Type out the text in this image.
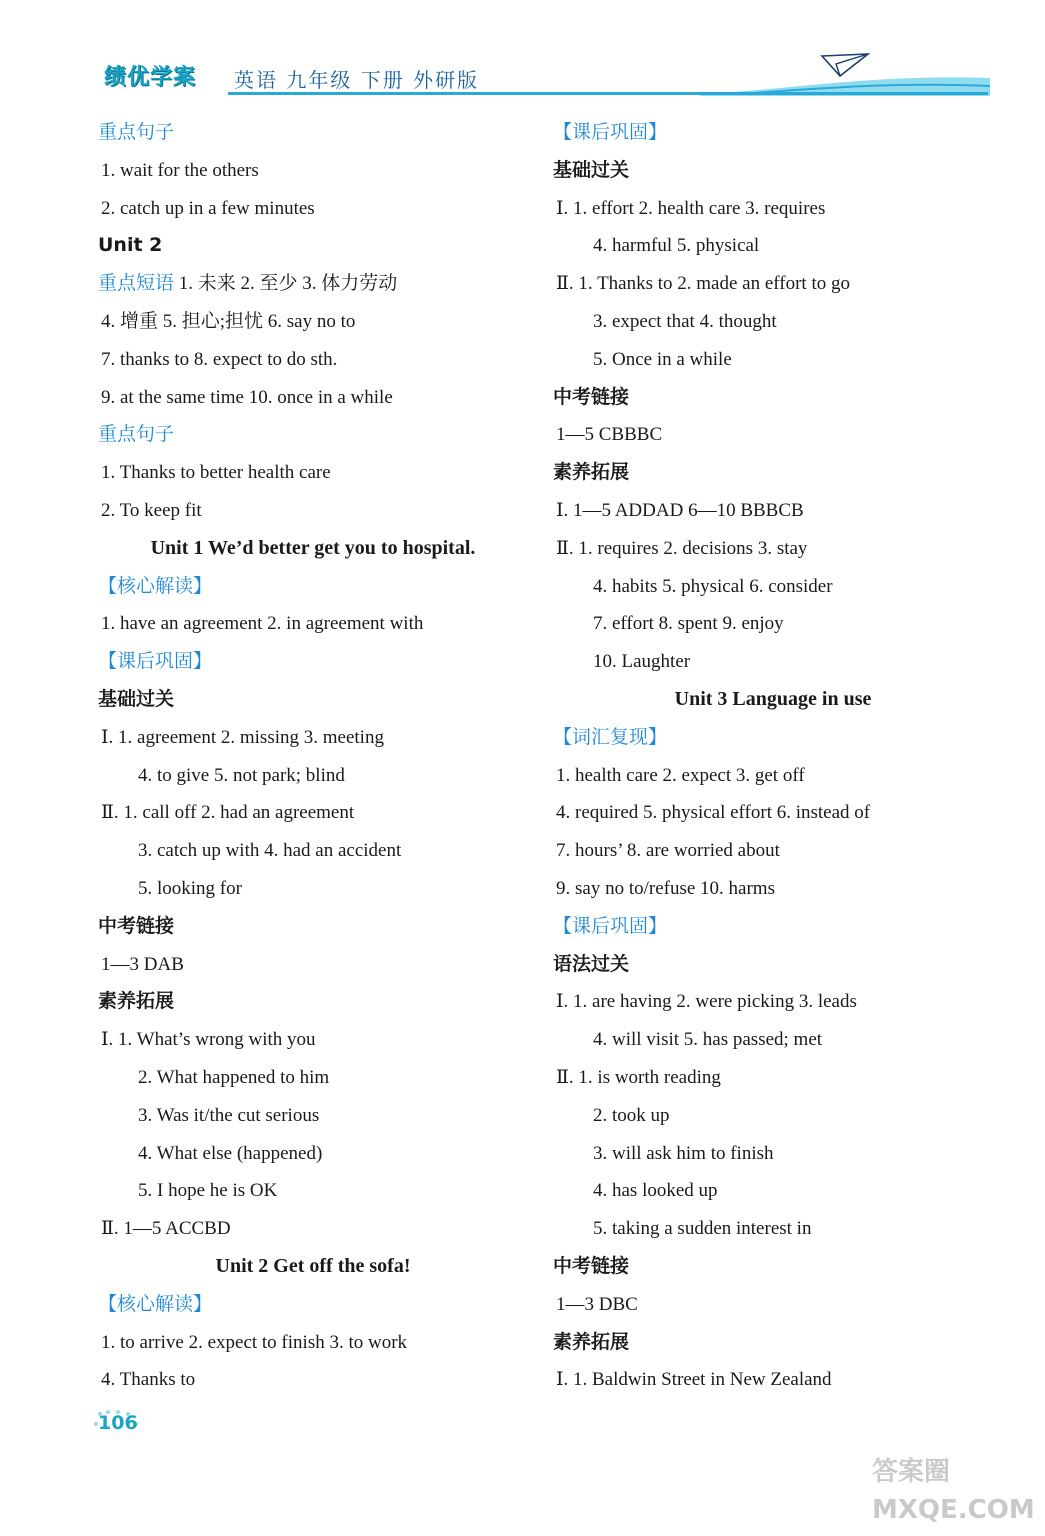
绩优学案 英语 九年级 下册 外研版
重点句子
1. wait for the others
2. catch up in a few minutes
Unit 2
重点短语 1. 未来 2. 至少 3. 体力劳动
4. 增重 5. 担心;担忧 6. say no to
7. thanks to 8. expect to do sth.
9. at the same time 10. once in a while
重点句子
1. Thanks to better health care
2. To keep fit
Unit 1 We’d better get you to hospital.
【核心解读】
1. have an agreement 2. in agreement with
【课后巩固】
基础过关
Ⅰ. 1. agreement 2. missing 3. meeting
4. to give 5. not park; blind
Ⅱ. 1. call off 2. had an agreement
3. catch up with 4. had an accident
5. looking for
中考链接
1—3 DAB
素养拓展
Ⅰ. 1. What’s wrong with you
2. What happened to him
3. Was it/the cut serious
4. What else (happened)
5. I hope he is OK
Ⅱ. 1—5 ACCBD
Unit 2 Get off the sofa!
【核心解读】
1. to arrive 2. expect to finish 3. to work
4. Thanks to
【课后巩固】
基础过关
Ⅰ. 1. effort 2. health care 3. requires
4. harmful 5. physical
Ⅱ. 1. Thanks to 2. made an effort to go
3. expect that 4. thought
5. Once in a while
中考链接
1—5 CBBBC
素养拓展
Ⅰ. 1—5 ADDAD 6—10 BBBCB
Ⅱ. 1. requires 2. decisions 3. stay
4. habits 5. physical 6. consider
7. effort 8. spent 9. enjoy
10. Laughter
Unit 3 Language in use
【词汇复现】
1. health care 2. expect 3. get off
4. required 5. physical effort 6. instead of
7. hours’ 8. are worried about
9. say no to/refuse 10. harms
【课后巩固】
语法过关
Ⅰ. 1. are having 2. were picking 3. leads
4. will visit 5. has passed; met
Ⅱ. 1. is worth reading
2. took up
3. will ask him to finish
4. has looked up
5. taking a sudden interest in
中考链接
1—3 DBC
素养拓展
Ⅰ. 1. Baldwin Street in New Zealand
106
答案圈
MXQE.COM
